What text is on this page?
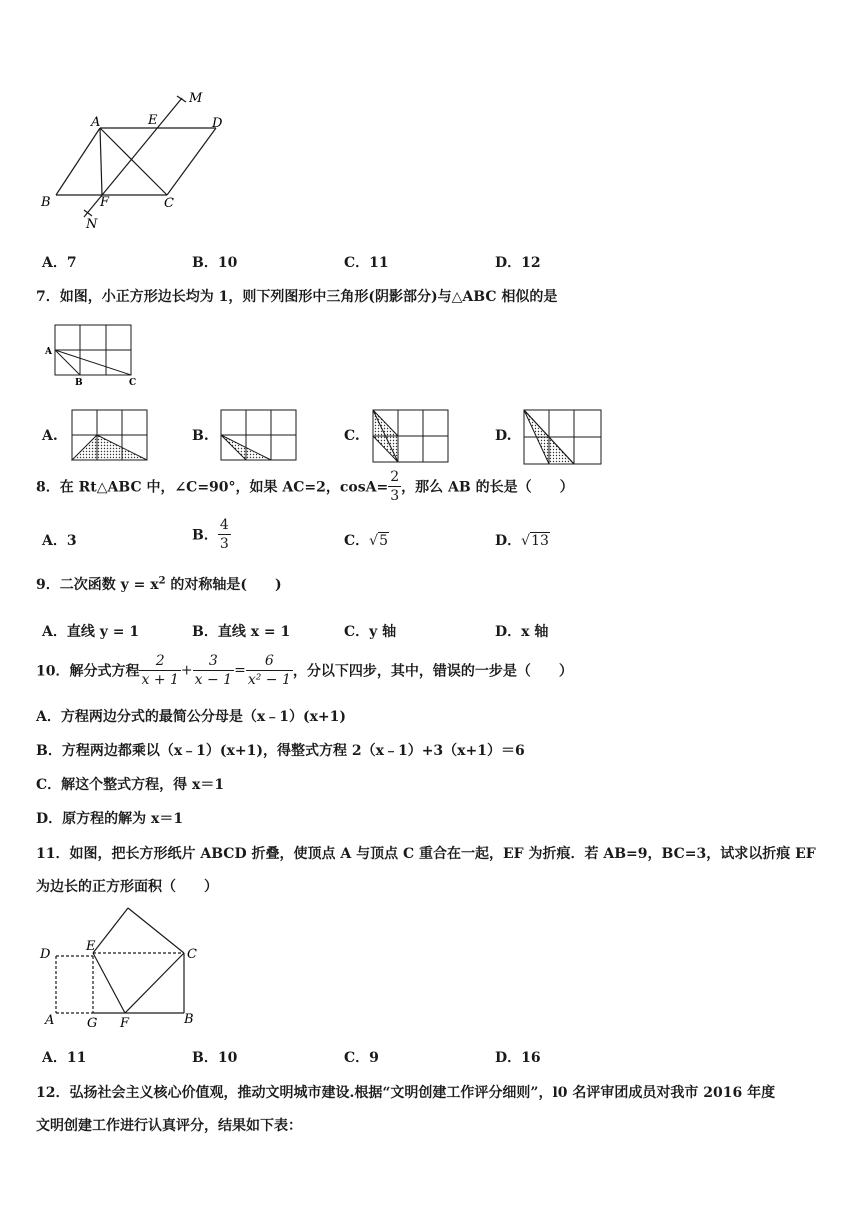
A	E	D
M
B	F	C
N
A．7	B．10	C．11	D．12
7．如图，小正方形边长均为 1，则下列图形中三角形(阴影部分)与△ABC 相似的是
A
B	C
A.	B.	C.	D.
8．在 Rt△ABC 中，∠C=90°，如果 AC=2，$\cos A= \frac{2}{3}$ ，那么 AB 的长是（　　）
A．3	B． $\frac{4}{3}$	C．√5	D．√13
9．二次函数 $y = x^2$ 的对称轴是(　　)
A．直线 y = 1	B．直线 x = 1	C．y 轴	D．x 轴
10．解分式方程 $\frac{2}{x + 1} + \frac{3}{x - 1} = \frac{6}{\text{x² − 1}}$ ，分以下四步，其中，错误的一步是（　　）
A．方程两边分式的最简公分母是（x﹣1）(x+1)
B．方程两边都乘以（x﹣1）(x+1)，得整式方程 2（x﹣1）+3（x+1）＝6
C．解这个整式方程，得 x＝1
D．原方程的解为 x＝1
11．如图，把长方形纸片 ABCD 折叠，使顶点 A 与顶点 C 重合在一起，EF 为折痕．若 AB=9，BC=3，试求以折痕 EF
为边长的正方形面积（　　）
D
E
C
A	G F	B
A．11	B．10	C．9	D．16
12．弘扬社会主义核心价值观，推动文明城市建设.根据“文明创建工作评分细则”，l0 名评审团成员对我市 2016 年度
文明创建工作进行认真评分，结果如下表：
